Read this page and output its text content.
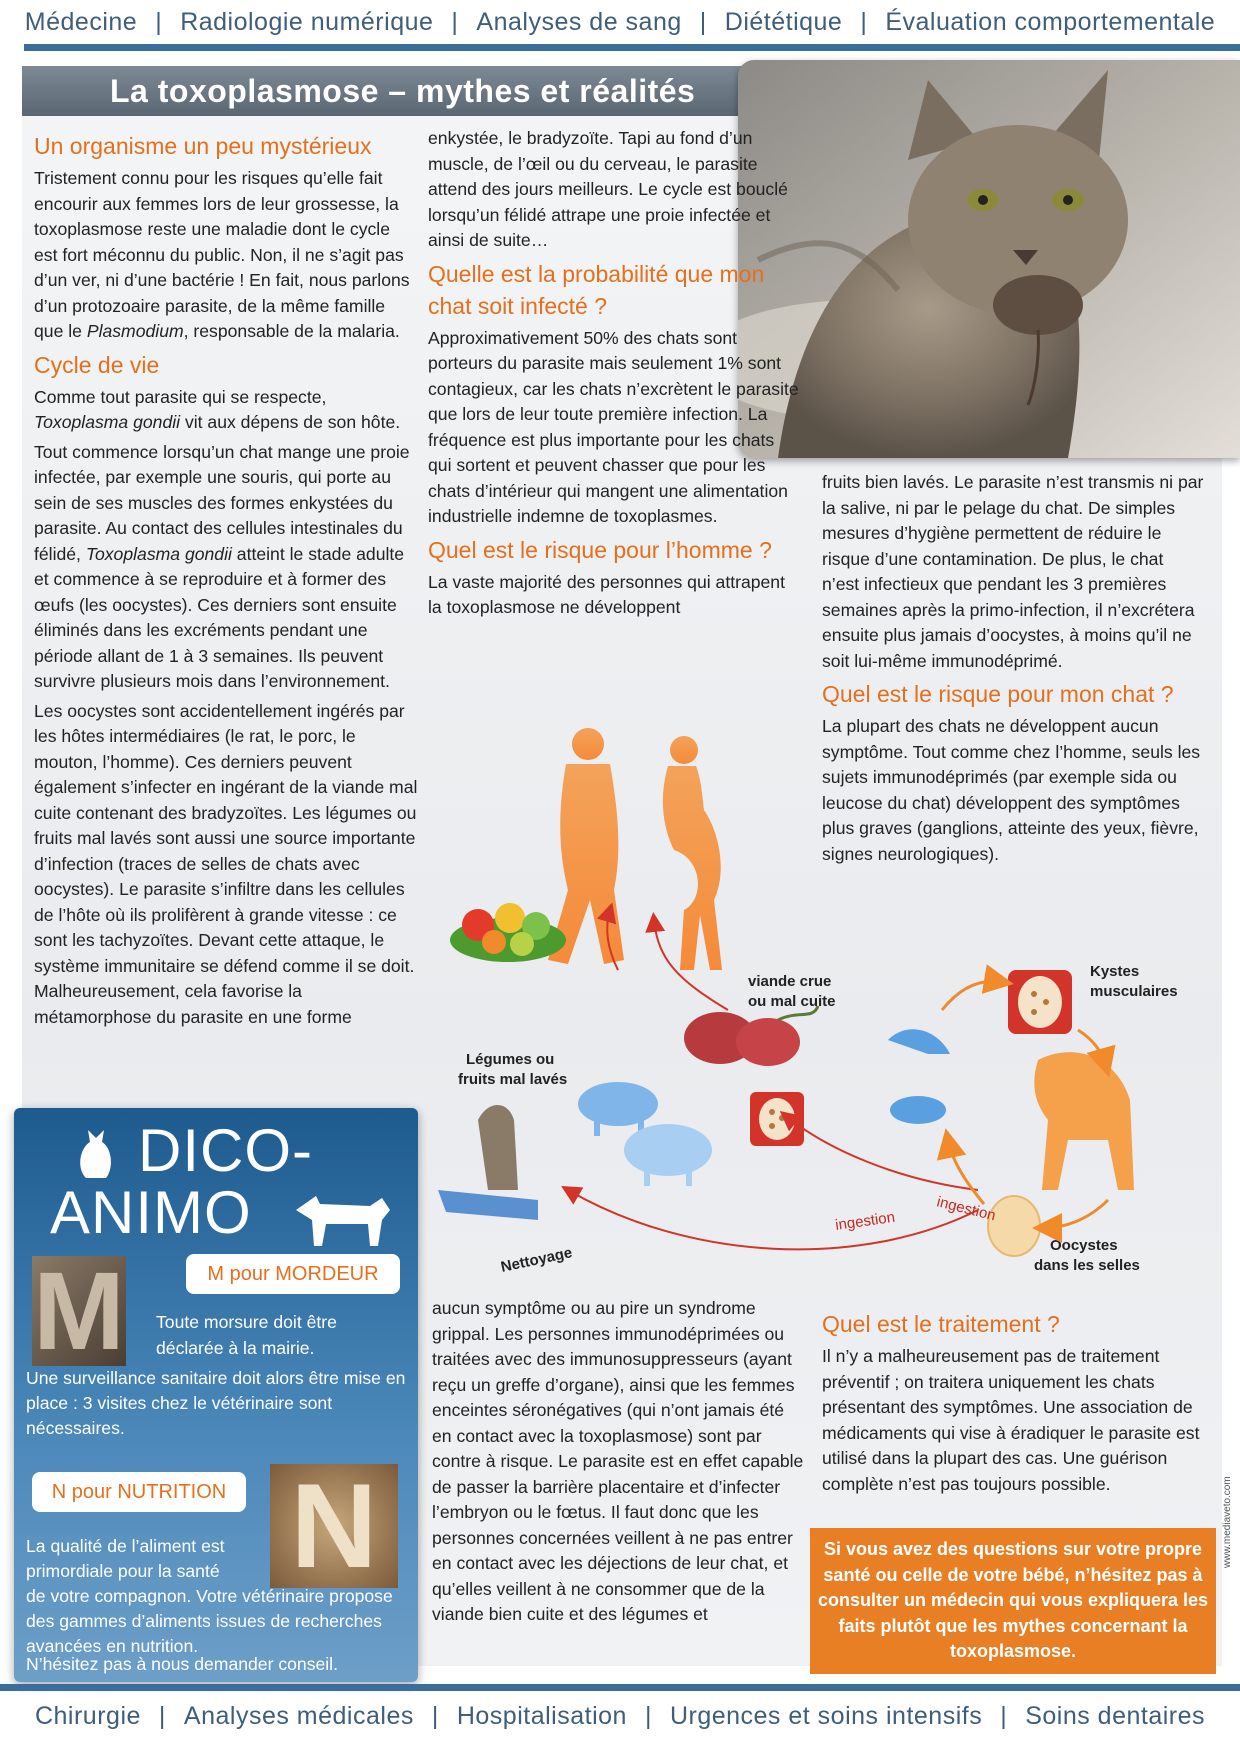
Médecine | Radiologie numérique | Analyses de sang | Diététique | Évaluation comportementale
La toxoplasmose – mythes et réalités
Un organisme un peu mystérieux

Tristement connu pour les risques qu’elle fait encourir aux femmes lors de leur grossesse, la toxoplasmose reste une maladie dont le cycle est fort méconnu du public. Non, il ne s’agit pas d’un ver, ni d’une bactérie ! En fait, nous parlons d’un protozoaire parasite, de la même famille que le Plasmodium, responsable de la malaria.

Cycle de vie

Comme tout parasite qui se respecte, Toxoplasma gondii vit aux dépens de son hôte.

Tout commence lorsqu’un chat mange une proie infectée, par exemple une souris, qui porte au sein de ses muscles des formes enkystées du parasite. Au contact des cellules intestinales du félidé, Toxoplasma gondii atteint le stade adulte et commence à se reproduire et à former des œufs (les oocystes). Ces derniers sont ensuite éliminés dans les excréments pendant une période allant de 1 à 3 semaines. Ils peuvent survivre plusieurs mois dans l’environnement.

Les oocystes sont accidentellement ingérés par les hôtes intermédiaires (le rat, le porc, le mouton, l’homme). Ces derniers peuvent également s’infecter en ingérant de la viande mal cuite contenant des bradyzoïtes. Les légumes ou fruits mal lavés sont aussi une source importante d’infection (traces de selles de chats avec oocystes). Le parasite s’infiltre dans les cellules de l’hôte où ils prolifèrent à grande vitesse : ce sont les tachyzoïtes. Devant cette attaque, le système immunitaire se défend comme il se doit. Malheureusement, cela favorise la métamorphose du parasite en une forme

enkystée, le bradyzoïte. Tapi au fond d’un muscle, de l’œil ou du cerveau, le parasite attend des jours meilleurs. Le cycle est bouclé lorsqu’un félidé attrape une proie infectée et ainsi de suite…

Quelle est la probabilité que mon chat soit infecté ?

Approximativement 50% des chats sont porteurs du parasite mais seulement 1% sont contagieux, car les chats n’excrètent le parasite que lors de leur toute première infection. La fréquence est plus importante pour les chats qui sortent et peuvent chasser que pour les chats d’intérieur qui mangent une alimentation industrielle indemne de toxoplasmes.

Quel est le risque pour l’homme ?

La vaste majorité des personnes qui attrapent la toxoplasmose ne développent

fruits bien lavés. Le parasite n’est transmis ni par la salive, ni par le pelage du chat. De simples mesures d’hygiène permettent de réduire le risque d’une contamination. De plus, le chat n’est infectieux que pendant les 3 premières semaines après la primo-infection, il n’excrétera ensuite plus jamais d’oocystes, à moins qu’il ne soit lui-même immunodéprimé.

Quel est le risque pour mon chat ?

La plupart des chats ne développent aucun symptôme. Tout comme chez l’homme, seuls les sujets immunodéprimés (par exemple sida ou leucose du chat) développent des symptômes plus graves (ganglions, atteinte des yeux, fièvre, signes neurologiques).

Légumes ou
fruits mal lavés
viande crue
ou mal cuite
Nettoyage
Kystes
musculaires
Oocystes
dans les selles
ingestion	ingestion

aucun symptôme ou au pire un syndrome grippal. Les personnes immunodéprimées ou traitées avec des immunosuppresseurs (ayant reçu un greffe d’organe), ainsi que les femmes enceintes séronégatives (qui n’ont jamais été en contact avec la toxoplasmose) sont par contre à risque. Le parasite est en effet capable de passer la barrière placentaire et d’infecter l’embryon ou le fœtus. Il faut donc que les personnes concernées veillent à ne pas entrer en contact avec les déjections de leur chat, et qu’elles veillent à ne consommer que de la viande bien cuite et des légumes et

Quel est le traitement ?

Il n’y a malheureusement pas de traitement préventif ; on traitera uniquement les chats présentant des symptômes. Une association de médicaments qui vise à éradiquer le parasite est utilisé dans la plupart des cas. Une guérison complète n’est pas toujours possible.

Si vous avez des questions sur votre propre santé ou celle de votre bébé, n’hésitez pas à consulter un médecin qui vous expliquera les faits plutôt que les mythes concernant la toxoplasmose.
www.mediaveto.com
DICO-
ANIMO
M	M pour MORDEUR
Toute morsure doit être
déclarée à la mairie.
Une surveillance sanitaire doit alors être mise en place : 3 visites chez le vétérinaire sont nécessaires.
N pour NUTRITION N
La qualité de l’aliment est
primordiale pour la santé
de votre compagnon. Votre vétérinaire propose des gammes d’aliments issues de recherches avancées en nutrition.
N’hésitez pas à nous demander conseil.
Chirurgie | Analyses médicales | Hospitalisation | Urgences et soins intensifs | Soins dentaires
